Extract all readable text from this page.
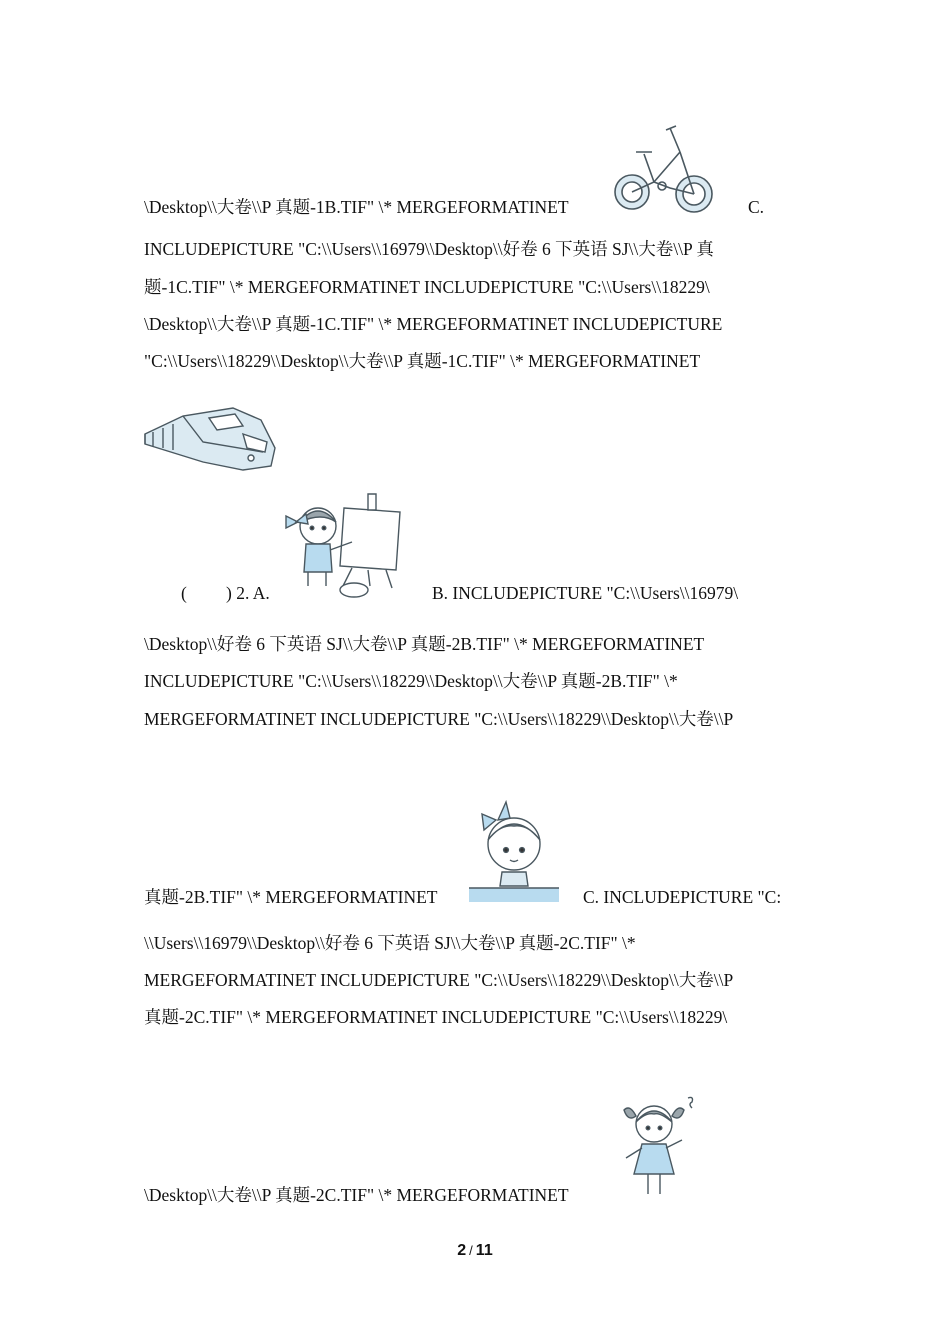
\Desktop\\大卷\\P 真题-1B.TIF" \* MERGEFORMATINET	C.
INCLUDEPICTURE "C:\\Users\\16979\\Desktop\\好卷 6 下英语 SJ\\大卷\\P 真
题-1C.TIF" \* MERGEFORMATINET INCLUDEPICTURE "C:\\Users\\18229\
\Desktop\\大卷\\P 真题-1C.TIF" \* MERGEFORMATINET INCLUDEPICTURE
"C:\\Users\\18229\\Desktop\\大卷\\P 真题-1C.TIF" \* MERGEFORMATINET
( ) 2. A.	B. INCLUDEPICTURE "C:\\Users\\16979\
\Desktop\\好卷 6 下英语 SJ\\大卷\\P 真题-2B.TIF" \* MERGEFORMATINET
INCLUDEPICTURE "C:\\Users\\18229\\Desktop\\大卷\\P 真题-2B.TIF" \*
MERGEFORMATINET INCLUDEPICTURE "C:\\Users\\18229\\Desktop\\大卷\\P
真题-2B.TIF" \* MERGEFORMATINET	C. INCLUDEPICTURE "C:
\\Users\\16979\\Desktop\\好卷 6 下英语 SJ\\大卷\\P 真题-2C.TIF" \*
MERGEFORMATINET INCLUDEPICTURE "C:\\Users\\18229\\Desktop\\大卷\\P
真题-2C.TIF" \* MERGEFORMATINET INCLUDEPICTURE "C:\\Users\\18229\
\Desktop\\大卷\\P 真题-2C.TIF" \* MERGEFORMATINET
2 / 11
